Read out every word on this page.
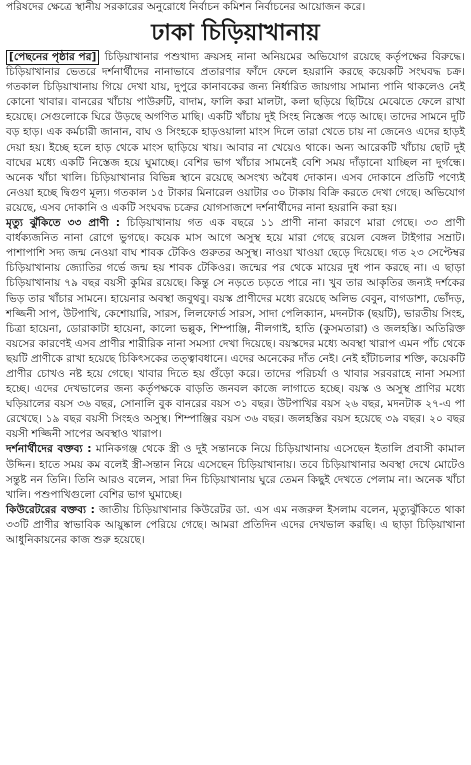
পরিষদের ক্ষেত্রে স্থানীয় সরকারের অনুরোধে নির্বাচন কমিশন নির্বাচনের আয়োজন করে।
ঢাকা চিড়িয়াখানায়

[পেছনের পৃষ্ঠার পর] চিড়িয়াখানার পশুখাদ্য ক্রয়সহ নানা অনিয়মের অভিযোগ রয়েছে কর্তৃপক্ষের বিরুদ্ধে। চিড়িয়াখানার ভেতরে দর্শনার্থীদের নানাভাবে প্রতারণার ফাঁদে ফেলে হয়রানি করছে কয়েকটি সংঘবদ্ধ চক্র। গতকাল চিড়িয়াখানায় গিয়ে দেখা যায়, দুপুরে কানাবকের জন্য নির্ধারিত জায়গায় সামান্য পানি থাকলেও নেই কোনো খাবার। বানরের খাঁচায় পাউরুটি, বাদাম, ফালি করা মালটা, কলা ছড়িয়ে ছিটিয়ে মেঝেতে ফেলে রাখা হয়েছে। সেগুলোকে ঘিরে উড়ছে অগণিত মাছি। একটি খাঁচায় দুই সিংহ নিস্তেজ পড়ে আছে। তাদের সামনে দুটি বড় হাড়। এক কর্মচারী জানান, বাঘ ও সিংহকে হাড়ওয়ালা মাংস দিলে তারা খেতে চায় না জেনেও এদের হাড়ই দেয়া হয়। ইচ্ছে হলে হাড় থেকে মাংস ছাড়িয়ে খায়। আবার না খেয়েও থাকে। অন্য আরেকটি খাঁচায় ছোট দুই বাঘের মধ্যে একটি নিস্তেজ হয়ে ঘুমাচ্ছে। বেশির ভাগ খাঁচার সামনেই বেশি সময় দাঁড়ানো যাচ্ছিল না দুর্গন্ধে। অনেক খাঁচা খালি। চিড়িয়াখানার বিভিন্ন স্থানে রয়েছে অসংখ্য অবৈধ দোকান। এসব দোকানে প্রতিটি পণ্যেই নেওয়া হচ্ছে দ্বিগুণ মূল্য। গতকাল ১৫ টাকার মিনারেল ওয়াটার ৩০ টাকায় বিক্রি করতে দেখা গেছে। অভিযোগ রয়েছে, এসব দোকানি ও একটি সংঘবদ্ধ চক্রের যোগসাজশে দর্শনার্থীদের নানা হয়রানি করা হয়।

মৃত্যু ঝুঁকিতে ৩৩ প্রাণী : চিড়িয়াখানায় গত এক বছরে ১১ প্রাণী নানা কারণে মারা গেছে। ৩৩ প্রাণী বার্ধক্যজনিত নানা রোগে ভুগছে। কয়েক মাস আগে অসুস্থ হয়ে মারা গেছে রয়েল বেঙ্গল টাইগার সম্রাট। পাশাপাশি সদ্য জন্ম নেওয়া বাঘ শাবক টেকিও গুরুতর অসুস্থ। নাওয়া খাওয়া ছেড়ে দিয়েছে। গত ২৩ সেপ্টেম্বর চিড়িয়াখানায় জ্যোতির গর্ভে জন্ম হয় শাবক টেকিওর। জন্মের পর থেকে মায়ের দুধ পান করছে না। এ ছাড়া চিড়িয়াখানায় ৭৯ বছর বয়সী কুমির রয়েছে। কিন্তু সে নড়তে চড়তে পারে না। খুব তার আকৃতির জন্যই দর্শকের ভিড় তার খাঁচার সামনে। হায়েনার অবস্থা জবুথবু। বয়স্ক প্রাণীদের মধ্যে রয়েছে অলিভ বেবুন, বাগডাশা, ভোঁদড়, শজ্জিনী সাপ, উটপাখি, কেশোয়ারি, সারস, লিলফোর্ড সারস, সাদা পেলিক্যান, মদনটাক (ছয়টি), ভারতীয় সিংহ, চিত্রা হায়েনা, ডোরাকাটা হায়েনা, কালো ভল্লুক, শিম্পাঞ্জি, নীলগাই, হাতি (কুসমতারা) ও জলহস্তি। অতিরিক্ত বয়সের কারণেই এসব প্রাণীর শারীরিক নানা সমস্যা দেখা দিয়েছে। বয়স্কদের মধ্যে অবস্থা খারাপ এমন পাঁচ থেকে ছয়টি প্রাণীকে রাখা হয়েছে চিকিৎসকের তত্ত্বাবধানে। এদের অনেকের দাঁত নেই। নেই হাঁটাচলার শক্তি, কয়েকটি প্রাণীর চোখও নষ্ট হয়ে গেছে। খাবার দিতে হয় গুঁড়ো করে। তাদের পরিচর্যা ও খাবার সরবরাহে নানা সমস্যা হচ্ছে। এদের দেখভালের জন্য কর্তৃপক্ষকে বাড়তি জনবল কাজে লাগাতে হচ্ছে। বয়স্ক ও অসুস্থ প্রাণির মধ্যে ঘড়িয়ালের বয়স ৩৬ বছর, সোনালি বুক বানরের বয়স ৩১ বছর। উটপাখির বয়স ২৬ বছর, মদনটাক ২৭-এ পা রেখেছে। ১৯ বছর বয়সী সিংহও অসুস্থ। শিম্পাঞ্জির বয়স ৩৬ বছর। জলহস্তির বয়স হয়েছে ৩৯ বছর। ২০ বছর বয়সী শজ্জিনী সাপের অবস্থাও খারাপ।

দর্শনার্থীদের বক্তব্য : মানিকগঞ্জ থেকে স্ত্রী ও দুই সন্তানকে নিয়ে চিড়িয়াখানায় এসেছেন ইতালি প্রবাসী কামাল উদ্দিন। হাতে সময় কম বলেই স্ত্রী-সন্তান নিয়ে এসেছেন চিড়িয়াখানায়। তবে চিড়িয়াখানার অবস্থা দেখে মোটেও সন্তুষ্ট নন তিনি। তিনি আরও বলেন, সারা দিন চিড়িয়াখানায় ঘুরে তেমন কিছুই দেখতে পেলাম না। অনেক খাঁচা খালি। পশুপাখিগুলো বেশির ভাগ ঘুমাচ্ছে।

কিউরেটরের বক্তব্য : জাতীয় চিড়িয়াখানার কিউরেটর ডা. এস এম নজরুল ইসলাম বলেন, মৃত্যুঝুঁকিতে থাকা ৩৩টি প্রাণীর স্বাভাবিক আয়ুষ্কাল পেরিয়ে গেছে। আমরা প্রতিদিন এদের দেখভাল করছি। এ ছাড়া চিড়িয়াখানা আধুনিকায়নের কাজ শুরু হয়েছে।
